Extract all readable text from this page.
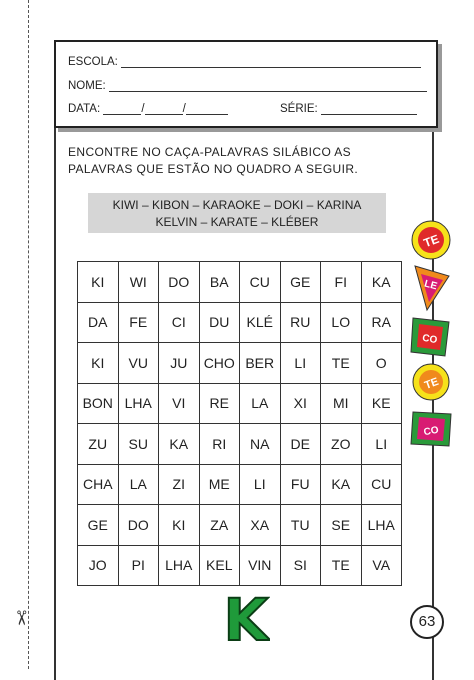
✂
ESCOLA:
NOME:
DATA:	/	/	SÉRIE:
ENCONTRE NO CAÇA-PALAVRAS SILÁBICO AS
PALAVRAS QUE ESTÃO NO QUADRO A SEGUIR.
KIWI – KIBON – KARAOKE – DOKI – KARINA
KELVIN – KARATE – KLÉBER
KI	WI	DO	BA	CU	GE	FI	KA
DA	FE	CI	DU	KLÉ	RU	LO	RA
KI	VU	JU	CHO	BER	LI	TE	O
BON	LHA	VI	RE	LA	XI	MI	KE
ZU	SU	KA	RI	NA	DE	ZO	LI
CHA	LA	ZI	ME	LI	FU	KA	CU
GE	DO	KI	ZA	XA	TU	SE	LHA
JO	PI	LHA	KEL	VIN	SI	TE	VA
TE
LE
CO
TE
CO
K	63
